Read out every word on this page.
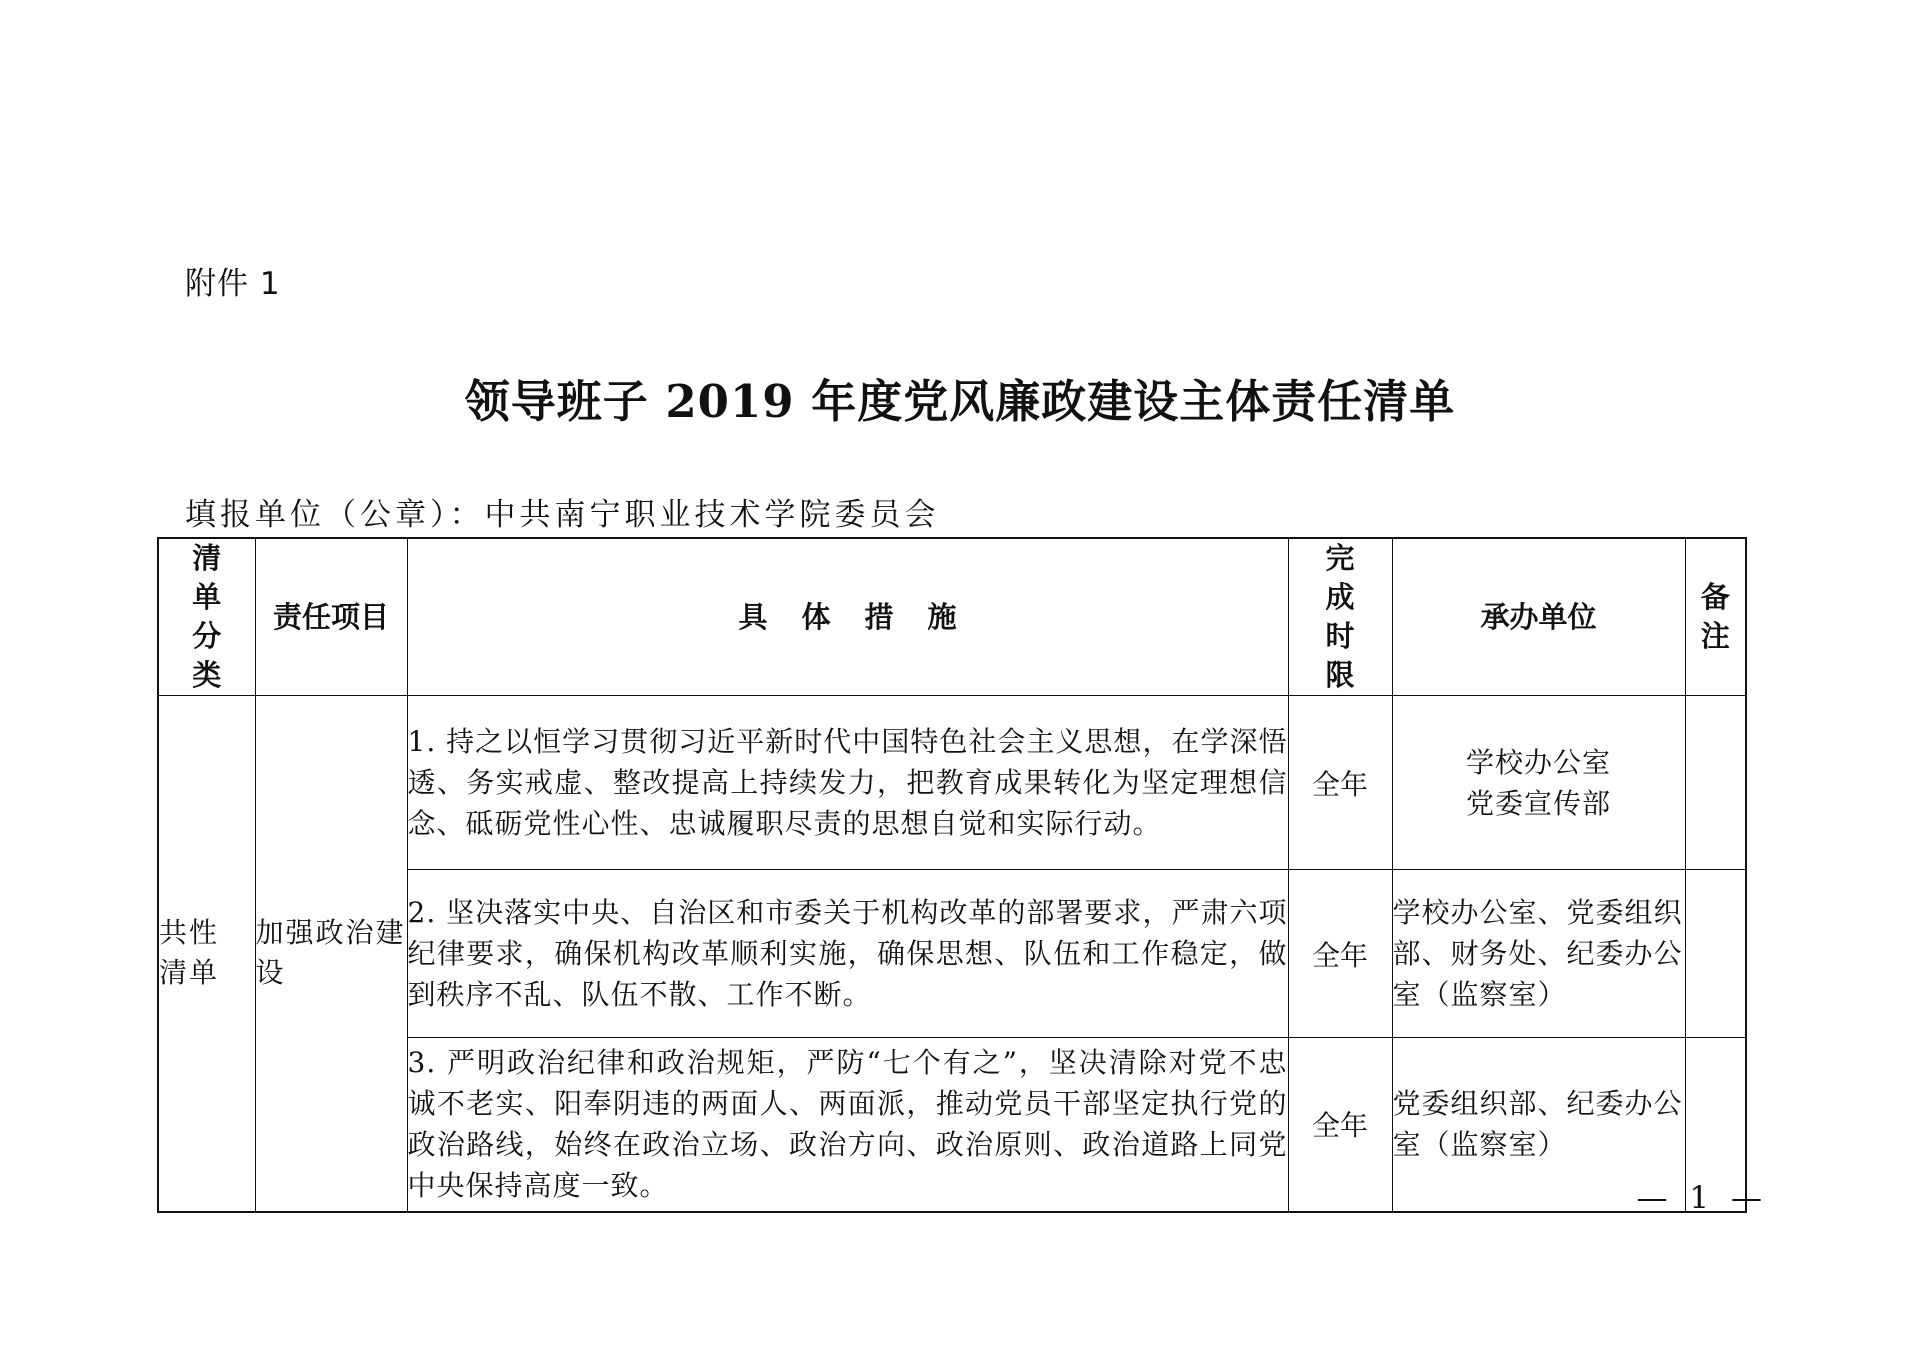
附件 1
领导班子 2019 年度党风廉政建设主体责任清单
填报单位（公章）：中共南宁职业技术学院委员会
清单分类	责任项目	具体措施	完成时限	承办单位	备注
共性清单	加强政治建设	1. 持之以恒学习贯彻习近平新时代中国特色社会主义思想，在学深悟透、务实戒虚、整改提高上持续发力，把教育成果转化为坚定理想信念、砥砺党性心性、忠诚履职尽责的思想自觉和实际行动。	全年	学校办公室
党委宣传部	

		2. 坚决落实中央、自治区和市委关于机构改革的部署要求，严肃六项纪律要求，确保机构改革顺利实施，确保思想、队伍和工作稳定，做到秩序不乱、队伍不散、工作不断。	全年	学校办公室、党委组织部、财务处、纪委办公室（监察室）	

		3. 严明政治纪律和政治规矩，严防“七个有之”，坚决清除对党不忠诚不老实、阳奉阴违的两面人、两面派，推动党员干部坚定执行党的政治路线，始终在政治立场、政治方向、政治原则、政治道路上同党中央保持高度一致。	全年	党委组织部、纪委办公室（监察室）	

— 1 —
